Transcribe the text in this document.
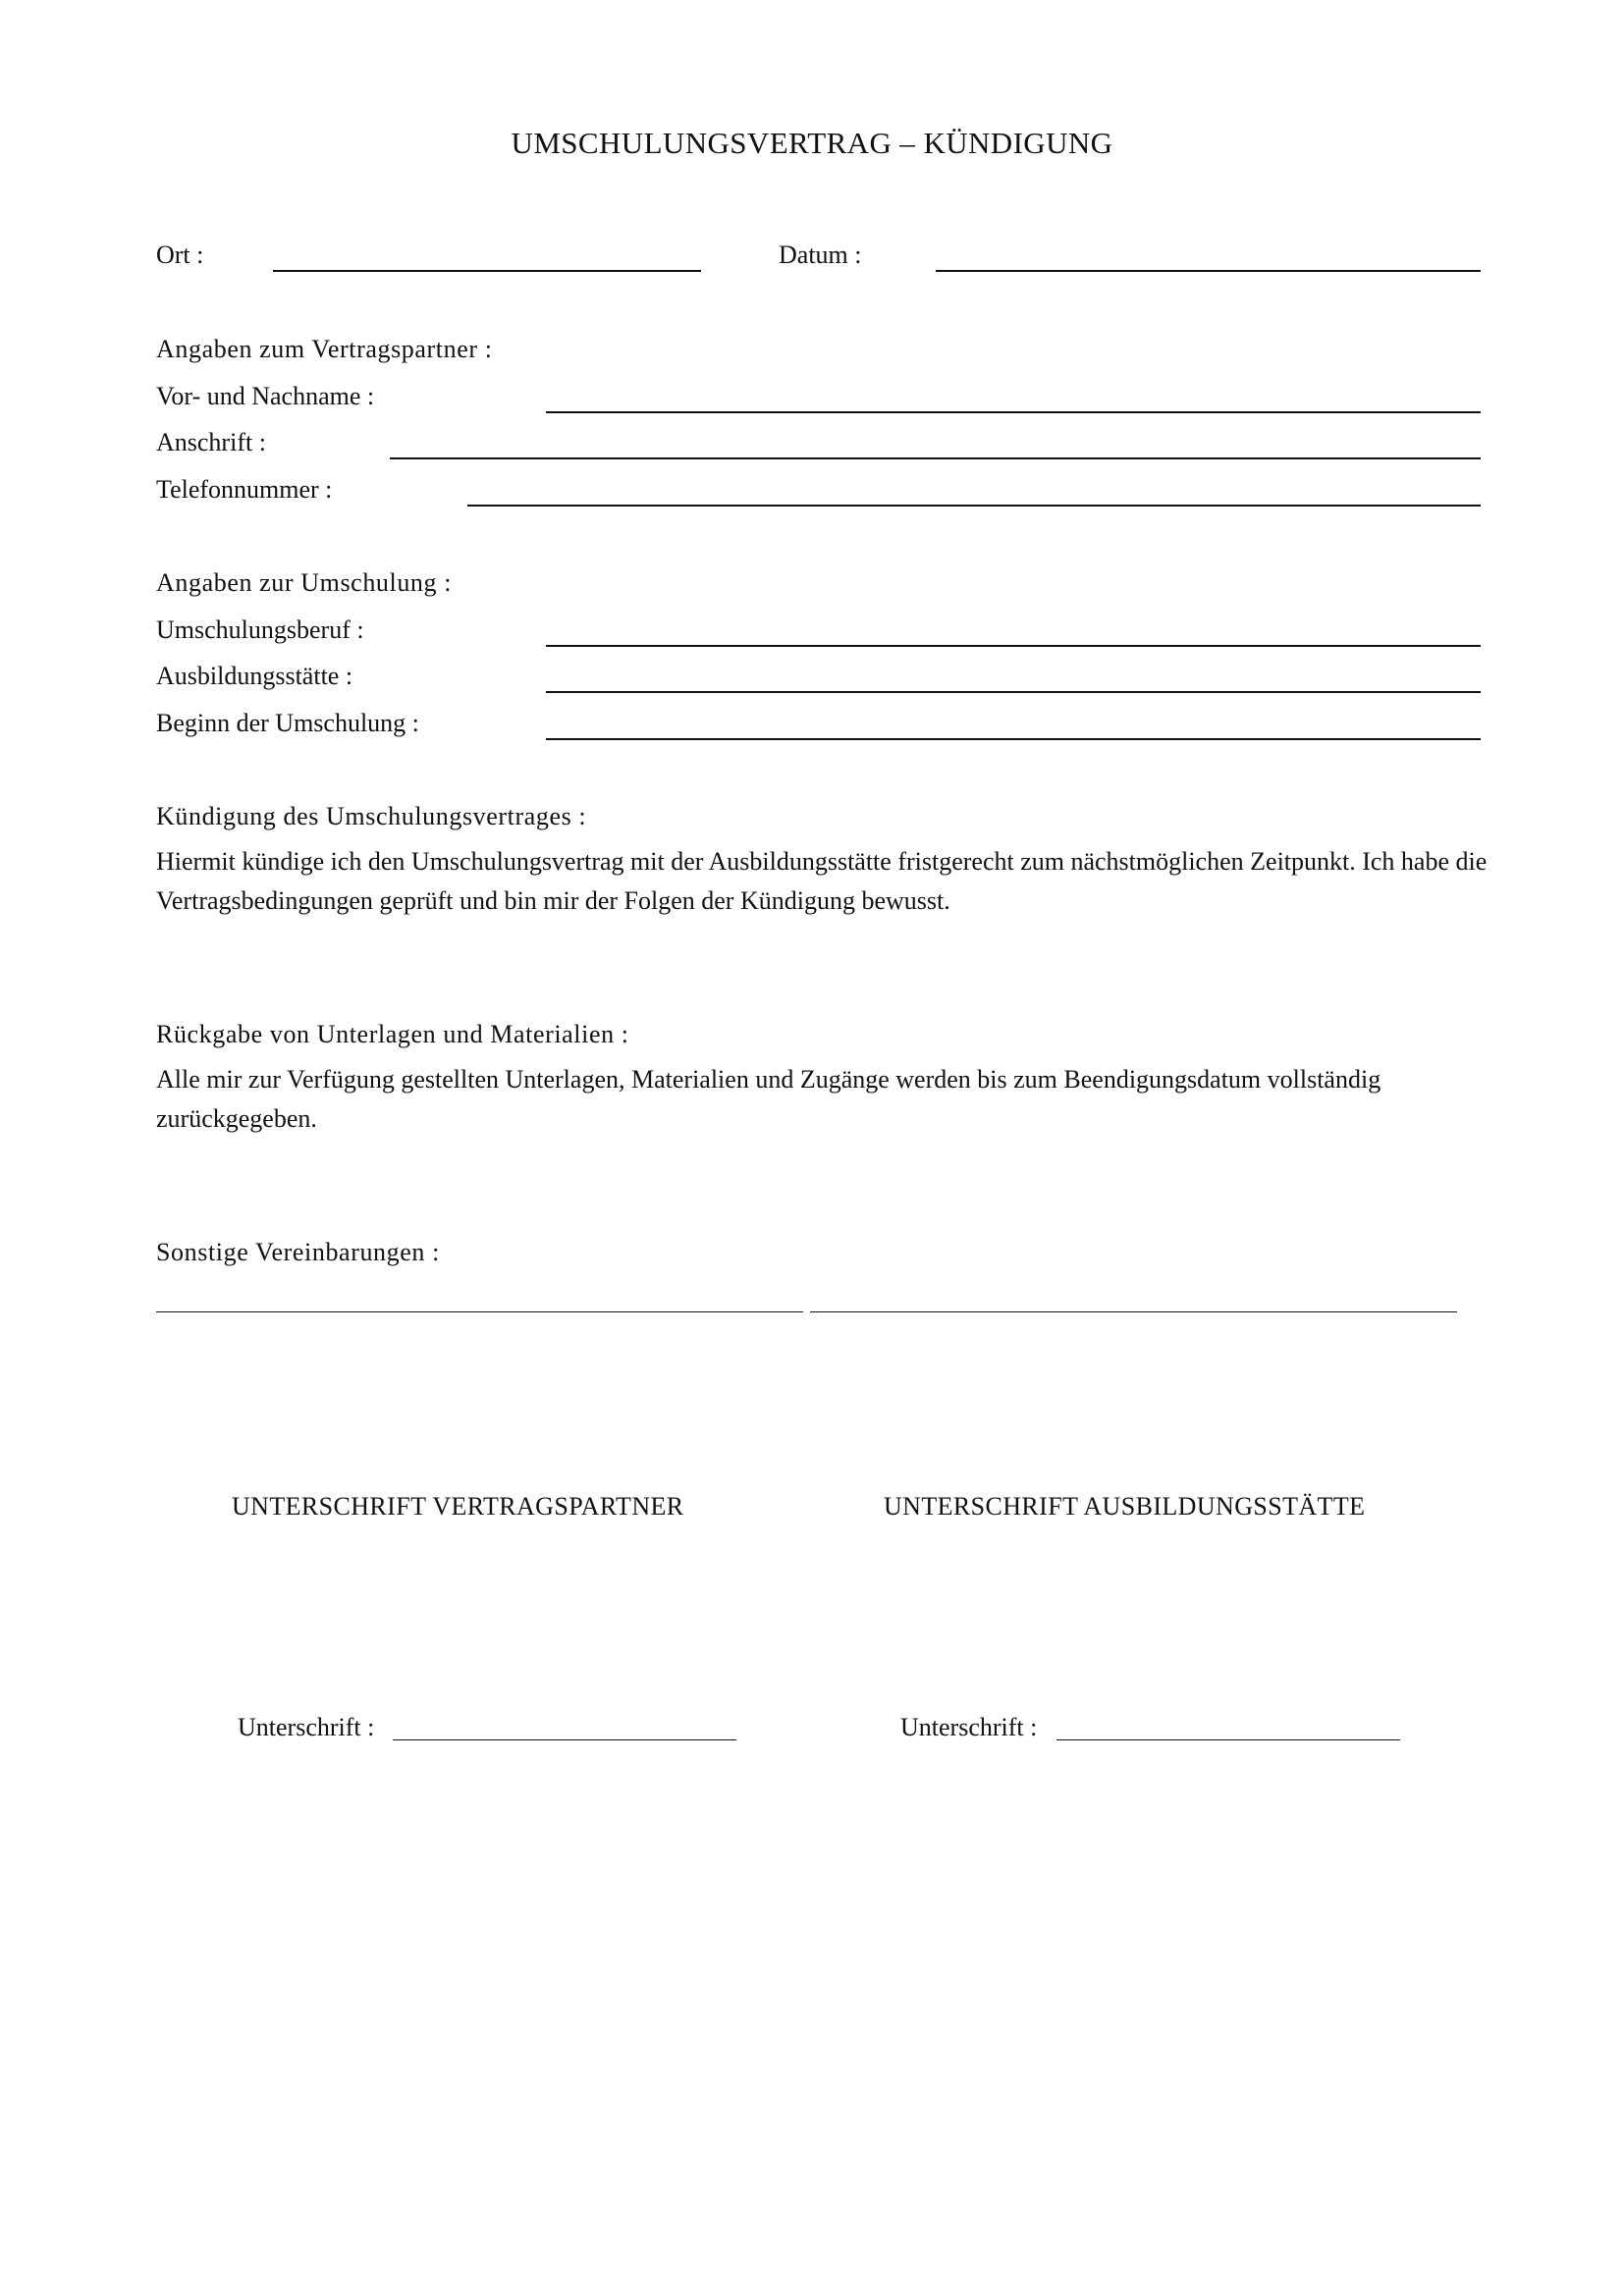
UMSCHULUNGSVERTRAG – KÜNDIGUNG
Ort :	Datum :
Angaben zum Vertragspartner :
Vor- und Nachname :
Anschrift :
Telefonnummer :
Angaben zur Umschulung :
Umschulungsberuf :
Ausbildungsstätte :
Beginn der Umschulung :
Kündigung des Umschulungsvertrages :
Hiermit kündige ich den Umschulungsvertrag mit der Ausbildungsstätte fristgerecht zum nächstmöglichen Zeitpunkt. Ich habe die Vertragsbedingungen geprüft und bin mir der Folgen der Kündigung bewusst.
Rückgabe von Unterlagen und Materialien :
Alle mir zur Verfügung gestellten Unterlagen, Materialien und Zugänge werden bis zum Beendigungsdatum vollständig zurückgegeben.
Sonstige Vereinbarungen :
UNTERSCHRIFT VERTRAGSPARTNER	UNTERSCHRIFT AUSBILDUNGSSTÄTTE
Unterschrift :	Unterschrift :
